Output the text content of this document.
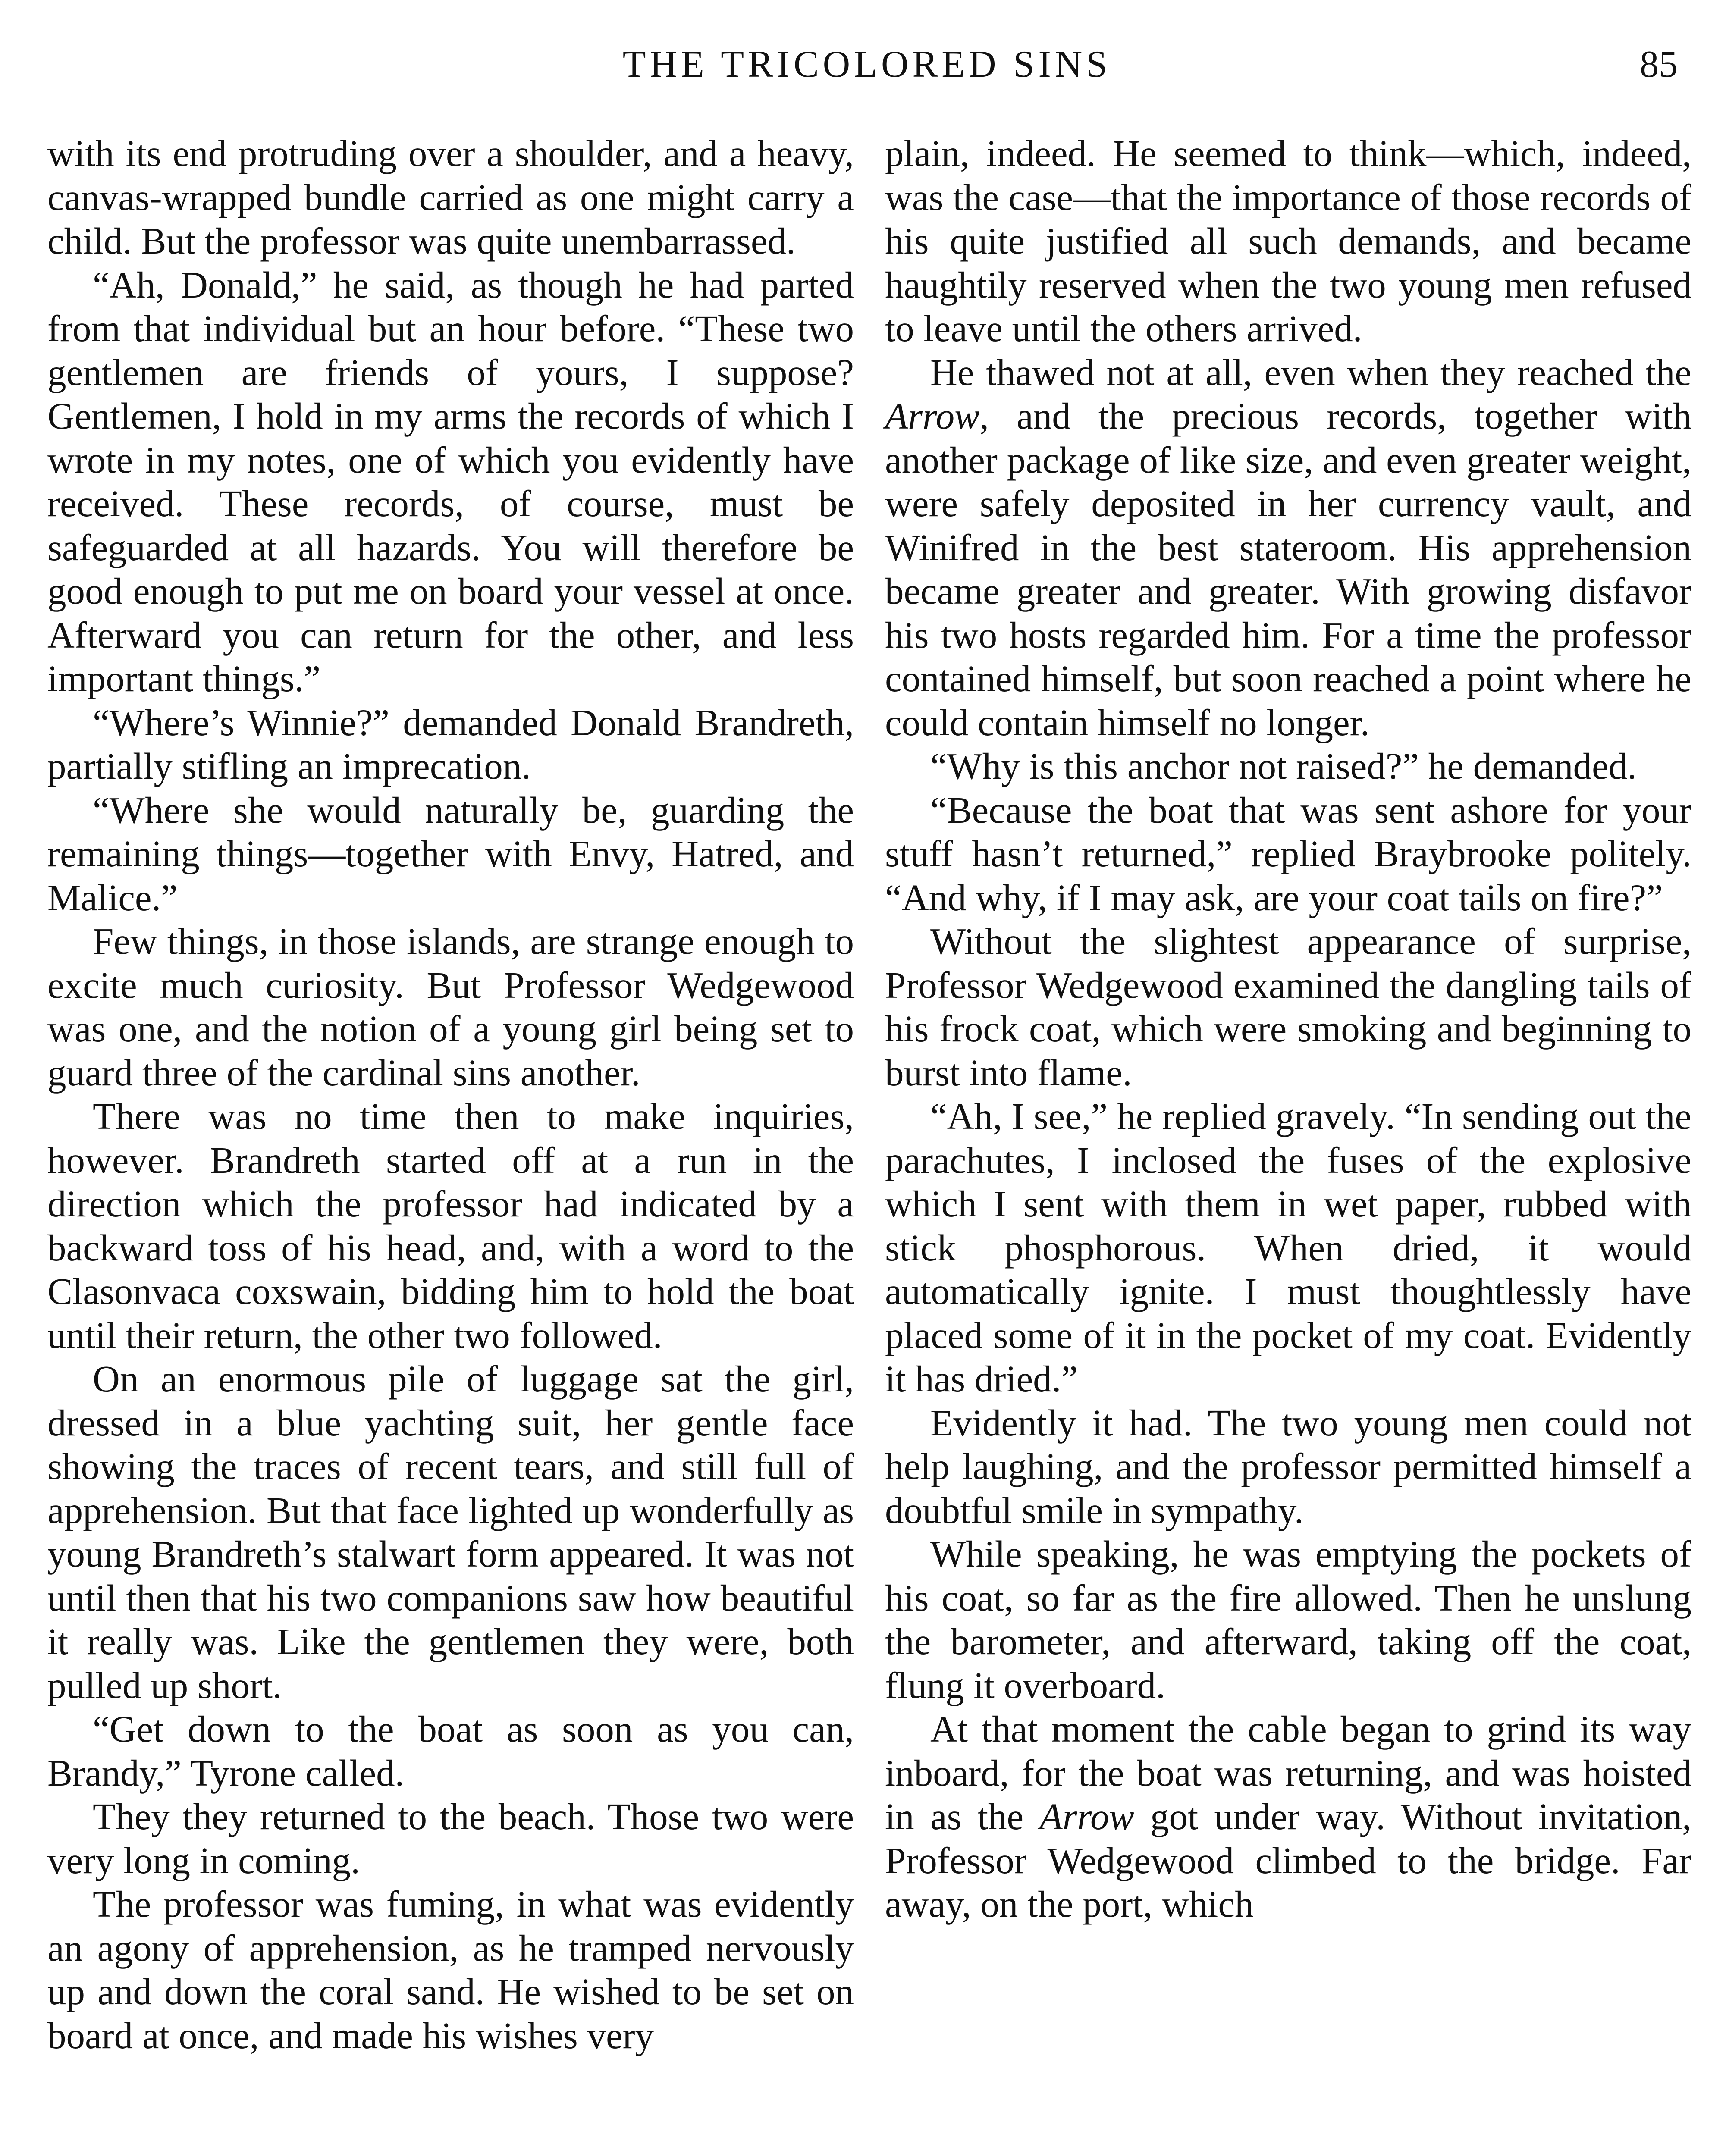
THE TRICOLORED SINS	85

with its end protruding over a shoulder, and a heavy, canvas-wrapped bundle carried as one might carry a child. But the professor was quite unembarrassed.

“Ah, Donald,” he said, as though he had parted from that individual but an hour before. “These two gentlemen are friends of yours, I suppose? Gentlemen, I hold in my arms the records of which I wrote in my notes, one of which you evidently have received. These records, of course, must be safeguarded at all hazards. You will therefore be good enough to put me on board your vessel at once. Afterward you can return for the other, and less important things.”

“Where’s Winnie?” demanded Donald Brandreth, partially stifling an imprecation.

“Where she would naturally be, guarding the remaining things—together with Envy, Hatred, and Malice.”

Few things, in those islands, are strange enough to excite much curiosity. But Professor Wedgewood was one, and the notion of a young girl being set to guard three of the cardinal sins another.

There was no time then to make inquiries, however. Brandreth started off at a run in the direction which the professor had indicated by a backward toss of his head, and, with a word to the Clasonvaca coxswain, bidding him to hold the boat until their return, the other two followed.

On an enormous pile of luggage sat the girl, dressed in a blue yachting suit, her gentle face showing the traces of recent tears, and still full of apprehension. But that face lighted up wonderfully as young Brandreth’s stalwart form appeared. It was not until then that his two companions saw how beautiful it really was. Like the gentlemen they were, both pulled up short.

“Get down to the boat as soon as you can, Brandy,” Tyrone called.

They they returned to the beach. Those two were very long in coming.

The professor was fuming, in what was evidently an agony of apprehension, as he tramped nervously up and down the coral sand. He wished to be set on board at once, and made his wishes very

plain, indeed. He seemed to think—which, indeed, was the case—that the importance of those records of his quite justified all such demands, and became haughtily reserved when the two young men refused to leave until the others arrived.

He thawed not at all, even when they reached the Arrow, and the precious records, together with another package of like size, and even greater weight, were safely deposited in her currency vault, and Winifred in the best stateroom. His apprehension became greater and greater. With growing disfavor his two hosts regarded him. For a time the professor contained himself, but soon reached a point where he could contain himself no longer.

“Why is this anchor not raised?” he demanded.

“Because the boat that was sent ashore for your stuff hasn’t returned,” replied Braybrooke politely. “And why, if I may ask, are your coat tails on fire?”

Without the slightest appearance of surprise, Professor Wedgewood examined the dangling tails of his frock coat, which were smoking and beginning to burst into flame.

“Ah, I see,” he replied gravely. “In sending out the parachutes, I inclosed the fuses of the explosive which I sent with them in wet paper, rubbed with stick phosphorous. When dried, it would automatically ignite. I must thoughtlessly have placed some of it in the pocket of my coat. Evidently it has dried.”

Evidently it had. The two young men could not help laughing, and the professor permitted himself a doubtful smile in sympathy.

While speaking, he was emptying the pockets of his coat, so far as the fire allowed. Then he unslung the barometer, and afterward, taking off the coat, flung it overboard.

At that moment the cable began to grind its way inboard, for the boat was returning, and was hoisted in as the Arrow got under way. Without invitation, Professor Wedgewood climbed to the bridge. Far away, on the port, which
